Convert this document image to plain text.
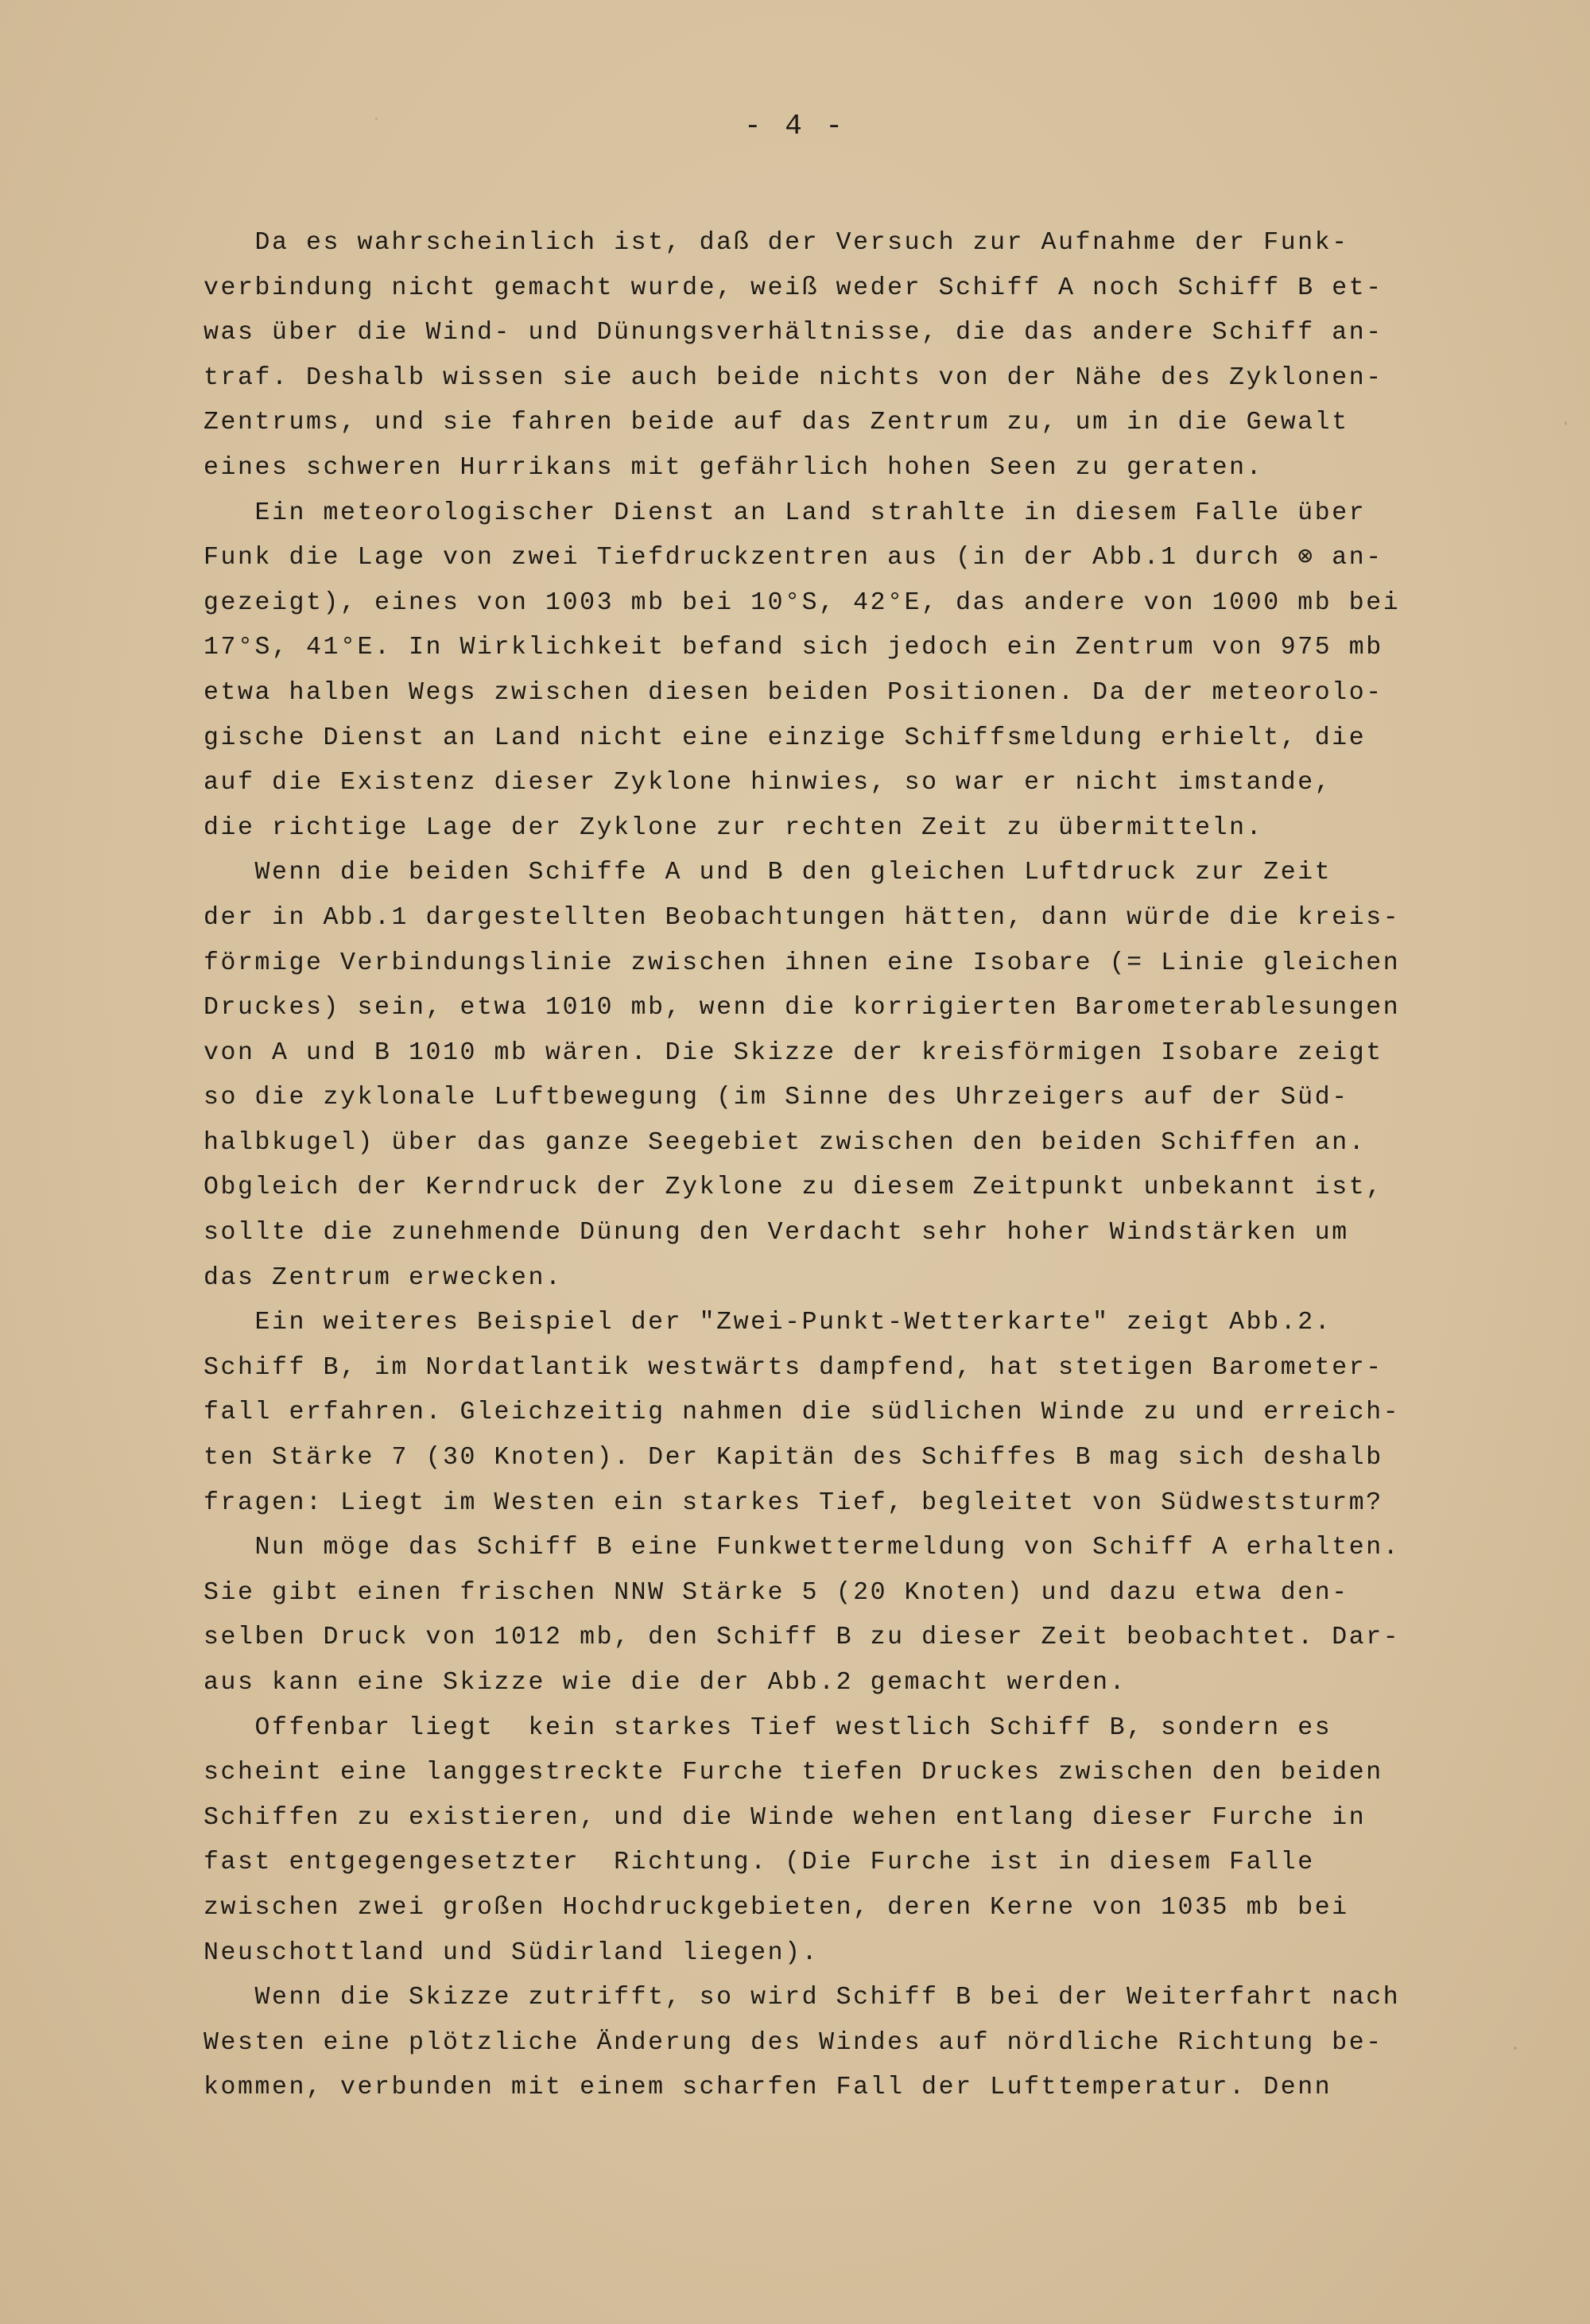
- 4 -
Da es wahrscheinlich ist, daß der Versuch zur Aufnahme der Funk-
verbindung nicht gemacht wurde, weiß weder Schiff A noch Schiff B et-
was über die Wind- und Dünungsverhältnisse, die das andere Schiff an-
traf. Deshalb wissen sie auch beide nichts von der Nähe des Zyklonen-
Zentrums, und sie fahren beide auf das Zentrum zu, um in die Gewalt
eines schweren Hurrikans mit gefährlich hohen Seen zu geraten.
Ein meteorologischer Dienst an Land strahlte in diesem Falle über
Funk die Lage von zwei Tiefdruckzentren aus (in der Abb.1 durch ⊗ an-
gezeigt), eines von 1003 mb bei 10°S, 42°E, das andere von 1000 mb bei
17°S, 41°E. In Wirklichkeit befand sich jedoch ein Zentrum von 975 mb
etwa halben Wegs zwischen diesen beiden Positionen. Da der meteorolo-
gische Dienst an Land nicht eine einzige Schiffsmeldung erhielt, die
auf die Existenz dieser Zyklone hinwies, so war er nicht imstande,
die richtige Lage der Zyklone zur rechten Zeit zu übermitteln.
Wenn die beiden Schiffe A und B den gleichen Luftdruck zur Zeit
der in Abb.1 dargestellten Beobachtungen hätten, dann würde die kreis-
förmige Verbindungslinie zwischen ihnen eine Isobare (= Linie gleichen
Druckes) sein, etwa 1010 mb, wenn die korrigierten Barometerablesungen
von A und B 1010 mb wären. Die Skizze der kreisförmigen Isobare zeigt
so die zyklonale Luftbewegung (im Sinne des Uhrzeigers auf der Süd-
halbkugel) über das ganze Seegebiet zwischen den beiden Schiffen an.
Obgleich der Kerndruck der Zyklone zu diesem Zeitpunkt unbekannt ist,
sollte die zunehmende Dünung den Verdacht sehr hoher Windstärken um
das Zentrum erwecken.
Ein weiteres Beispiel der "Zwei-Punkt-Wetterkarte" zeigt Abb.2.
Schiff B, im Nordatlantik westwärts dampfend, hat stetigen Barometer-
fall erfahren. Gleichzeitig nahmen die südlichen Winde zu und erreich-
ten Stärke 7 (30 Knoten). Der Kapitän des Schiffes B mag sich deshalb
fragen: Liegt im Westen ein starkes Tief, begleitet von Südweststurm?
Nun möge das Schiff B eine Funkwettermeldung von Schiff A erhalten.
Sie gibt einen frischen NNW Stärke 5 (20 Knoten) und dazu etwa den-
selben Druck von 1012 mb, den Schiff B zu dieser Zeit beobachtet. Dar-
aus kann eine Skizze wie die der Abb.2 gemacht werden.
Offenbar liegt  kein starkes Tief westlich Schiff B, sondern es
scheint eine langgestreckte Furche tiefen Druckes zwischen den beiden
Schiffen zu existieren, und die Winde wehen entlang dieser Furche in
fast entgegengesetzter  Richtung. (Die Furche ist in diesem Falle
zwischen zwei großen Hochdruckgebieten, deren Kerne von 1035 mb bei
Neuschottland und Südirland liegen).
Wenn die Skizze zutrifft, so wird Schiff B bei der Weiterfahrt nach
Westen eine plötzliche Änderung des Windes auf nördliche Richtung be-
kommen, verbunden mit einem scharfen Fall der Lufttemperatur. Denn
